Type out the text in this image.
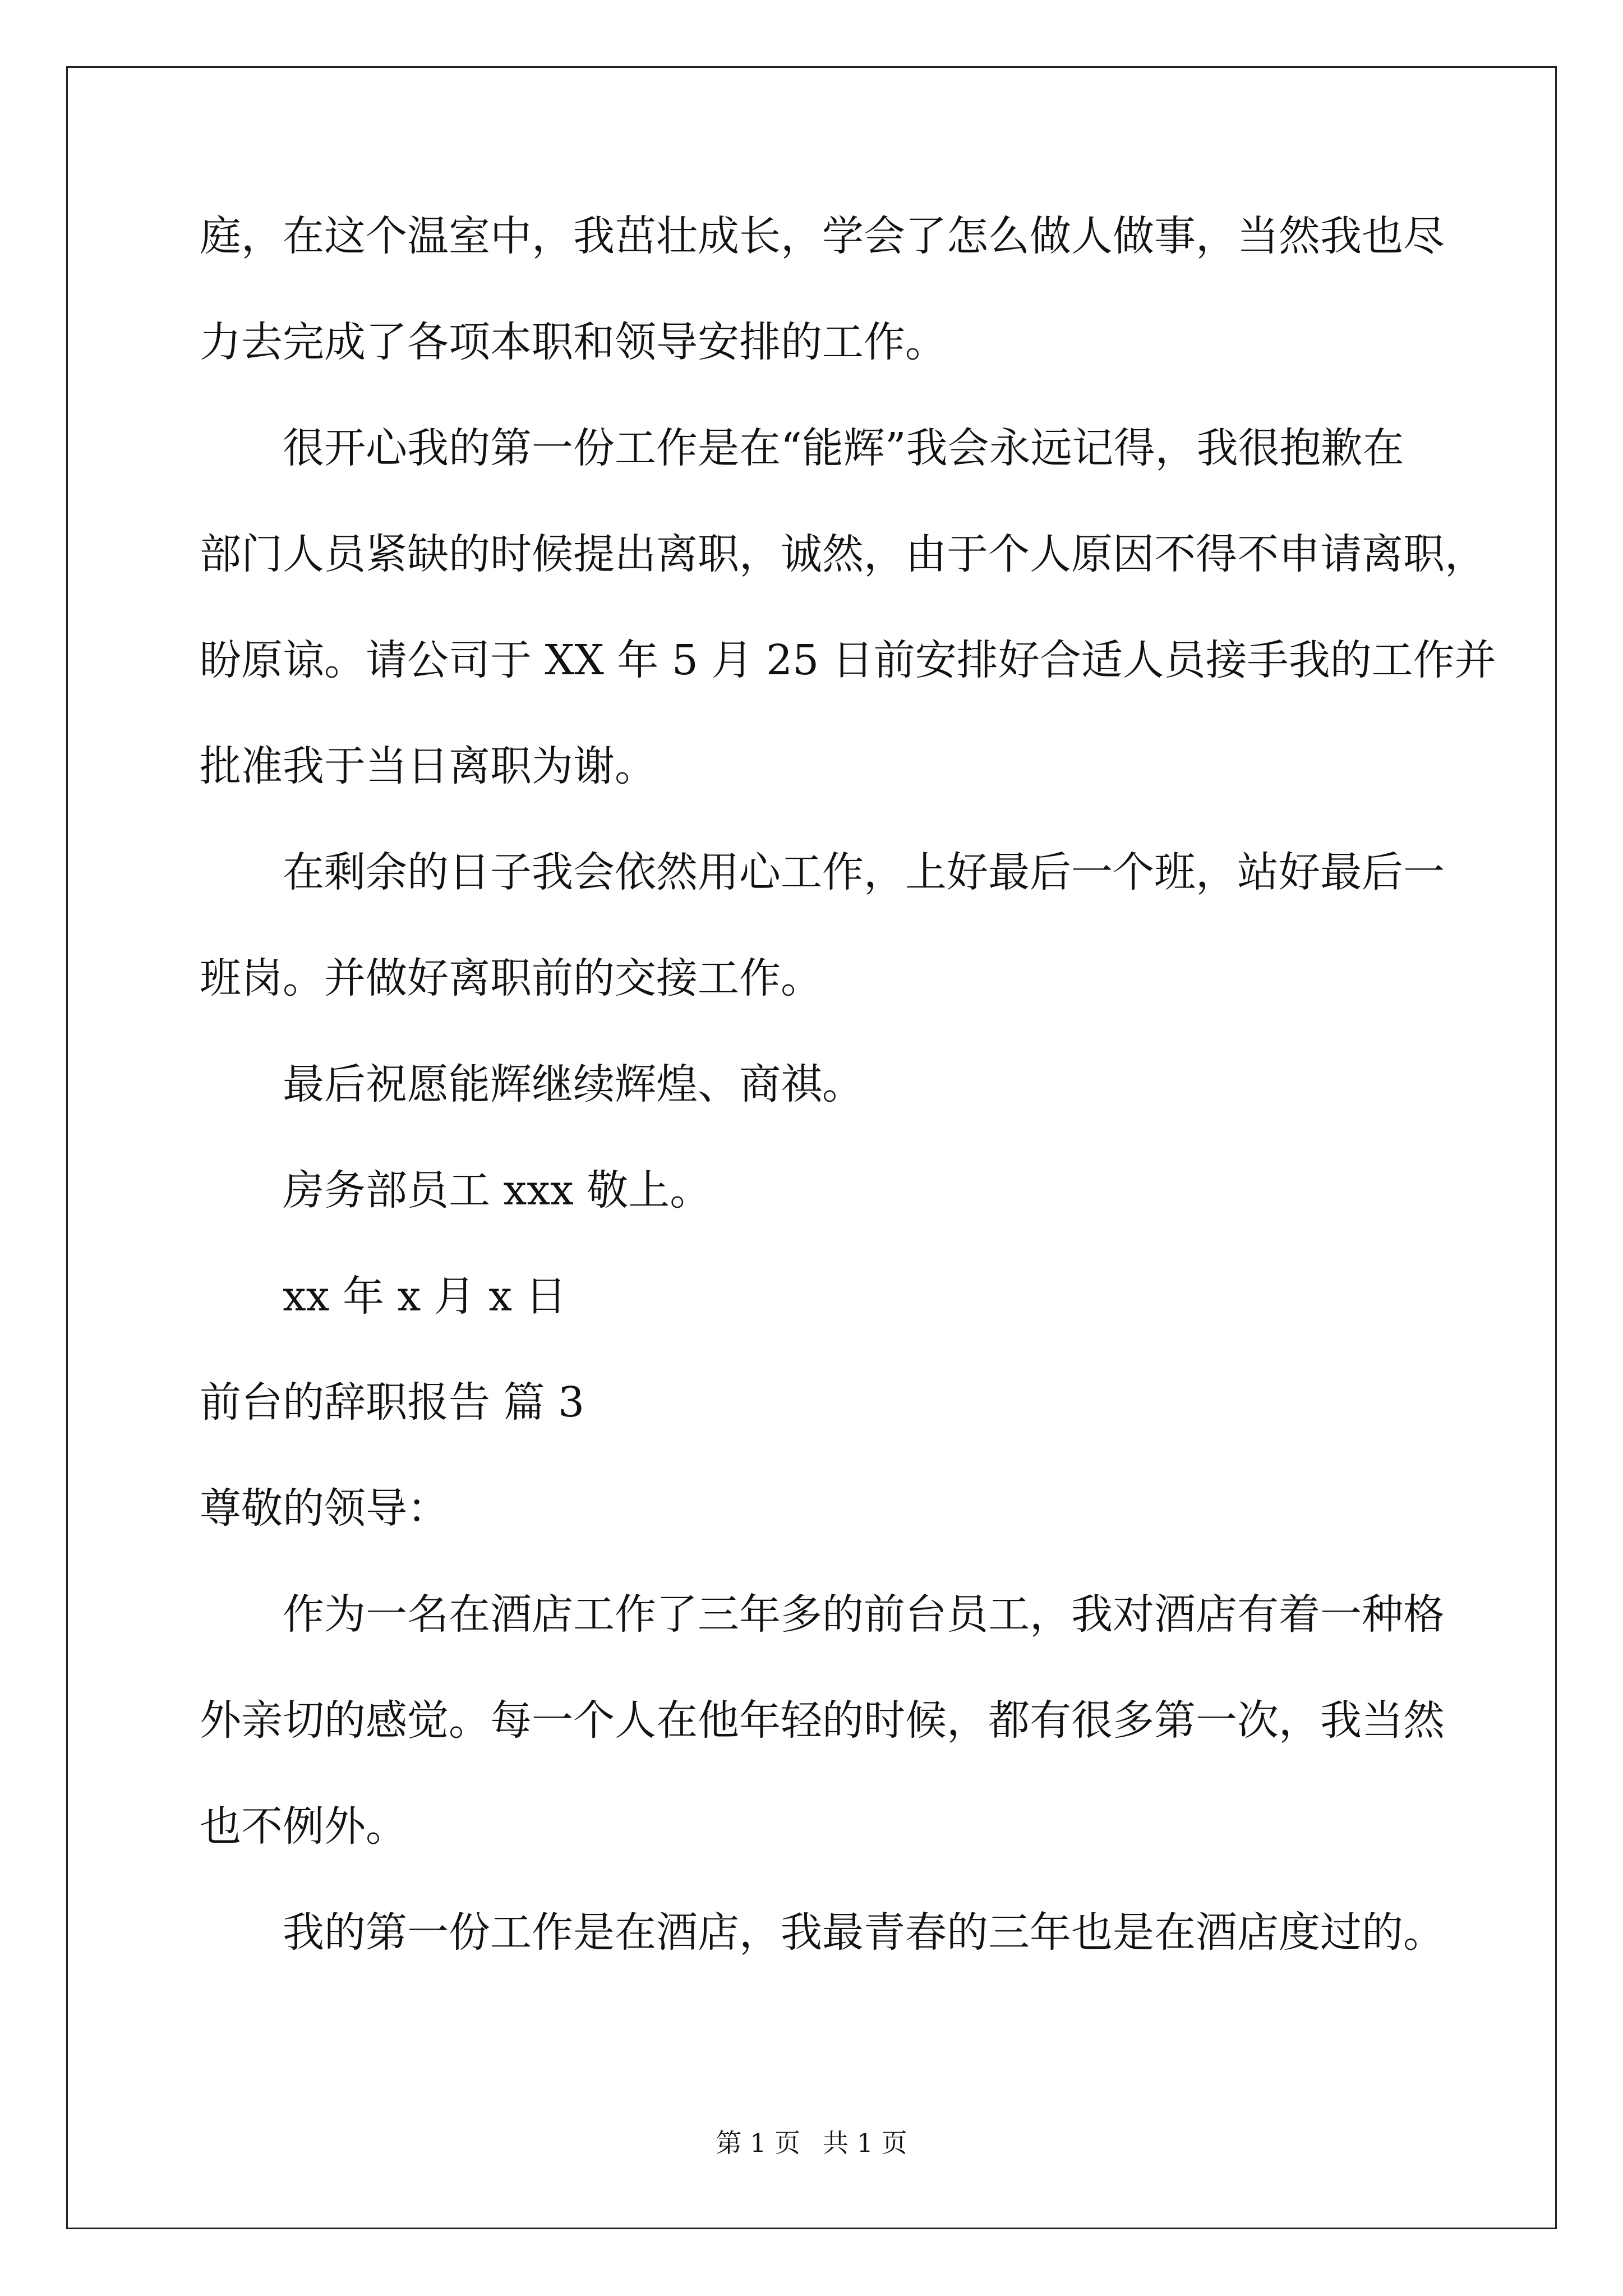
庭，在这个温室中，我茁壮成长，学会了怎么做人做事，当然我也尽
力去完成了各项本职和领导安排的工作。
很开心我的第一份工作是在“能辉”我会永远记得，我很抱歉在
部门人员紧缺的时候提出离职，诚然，由于个人原因不得不申请离职，
盼原谅。请公司于 XX 年 5 月 25 日前安排好合适人员接手我的工作并
批准我于当日离职为谢。
在剩余的日子我会依然用心工作，上好最后一个班，站好最后一
班岗。并做好离职前的交接工作。
最后祝愿能辉继续辉煌、商祺。
房务部员工 xxx 敬上。
xx 年 x 月 x 日
前台的辞职报告 篇 3
尊敬的领导：
作为一名在酒店工作了三年多的前台员工，我对酒店有着一种格
外亲切的感觉。每一个人在他年轻的时候，都有很多第一次，我当然
也不例外。
我的第一份工作是在酒店，我最青春的三年也是在酒店度过的。
第 1 页 共 1 页
